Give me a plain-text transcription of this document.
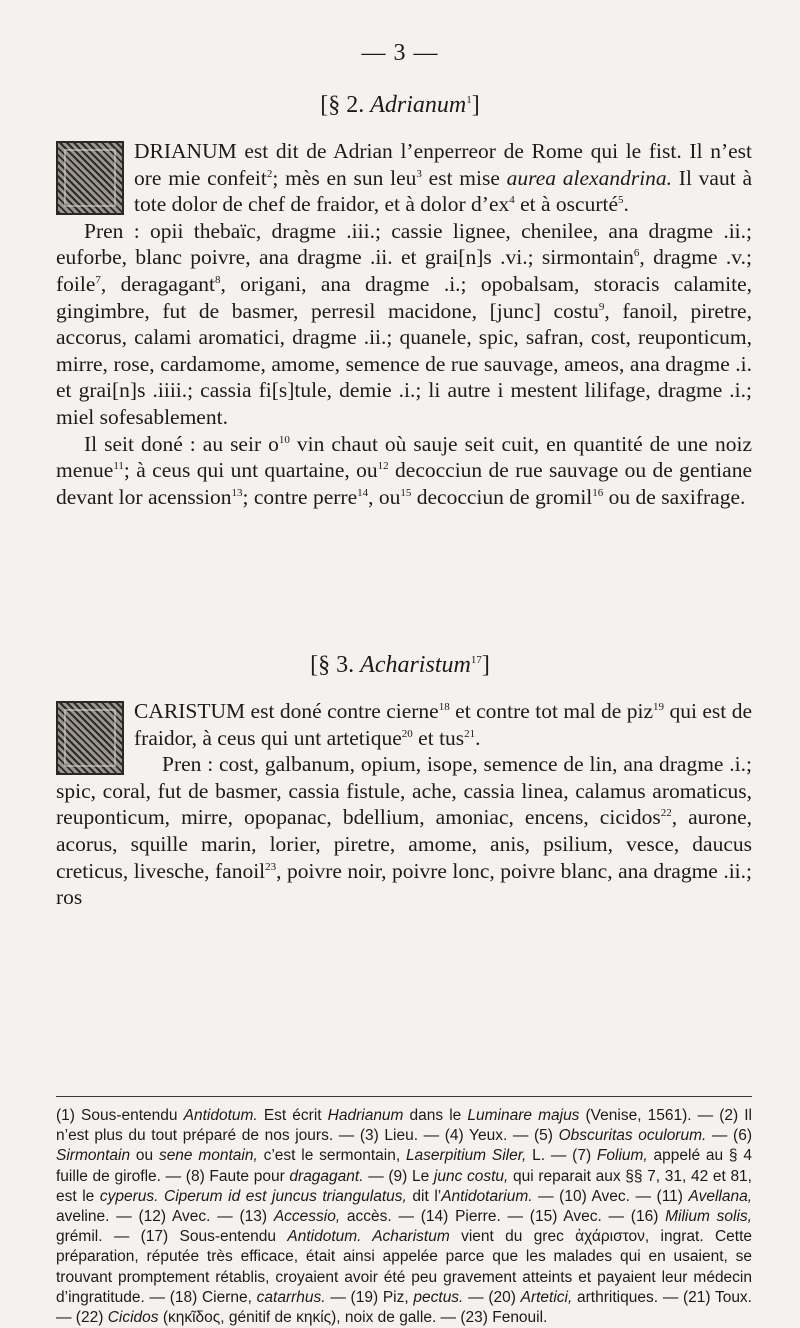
— 3 —
[§ 2. Adrianum$^1$]

DRIANUM est dit de Adrian l’enperreor de Rome qui le fist. Il n’est ore mie confeit$^2$; mès en sun leu$^3$ est mise aurea alexandrina. Il vaut à tote dolor de chef de fraidor, et à dolor $d’ex^4$ et à oscurté$^5$.

Pren : opii thebaïc, dragme .iii.; cassie lignee, chenilee, ana dragme .ii.; euforbe, blanc poivre, ana dragme .ii. et grai[n]s .vi.; sirmontain$^6$, dragme .v.; foile$^7$, deragagant$^8$, origani, ana dragme .i.; opobalsam, storacis calamite, gingimbre, fut de basmer, perresil macidone, [junc] costu$^9$, fanoil, piretre, accorus, calami aromatici, dragme .ii.; quanele, spic, safran, cost, reuponticum, mirre, rose, cardamome, amome, semence de rue sauvage, ameos, ana dragme .i. et grai[n]s .iiii.; cassia fi[s]tule, demie .i.; li autre i mestent lilifage, dragme .i.; miel sofesablement.

Il seit doné : au seir $o^{10}$ vin chaut où sauje seit cuit, en quantité de une noiz menue$^{11}$; à ceus qui unt quartaine, $ou^{12}$ decocciun de rue sauvage ou de gentiane devant lor acenssion$^{13}$; contre perre$^{14}$, $ou^{15}$ decocciun de gromil$^{16}$ ou de saxifrage.

[§ 3. Acharistum$^{17}$]

CARISTUM est doné contre cierne$^{18}$ et contre tot mal de piz$^{19}$ qui est de fraidor, à ceus qui unt artetique$^{20}$ et tus$^{21}$.

Pren : cost, galbanum, opium, isope, semence de lin, ana dragme .i.; spic, coral, fut de basmer, cassia fistule, ache, cassia linea, calamus aromaticus, reuponticum, mirre, opopanac, bdellium, amoniac, encens, cicidos$^{22}$, aurone, acorus, squille marin, lorier, piretre, amome, anis, psilium, vesce, daucus creticus, livesche, fanoil$^{23}$, poivre noir, poivre lonc, poivre blanc, ana dragme .ii.; ros

(1) Sous-entendu Antidotum. Est écrit Hadrianum dans le Luminare majus (Venise, 1561). — (2) Il n’est plus du tout préparé de nos jours. — (3) Lieu. — (4) Yeux. — (5) Obscuritas oculorum. — (6) Sirmontain ou sene montain, c’est le sermontain, Laserpitium Siler, L. — (7) Folium, appelé au § 4 fuille de girofle. — (8) Faute pour dragagant. — (9) Le junc costu, qui reparait aux §§ 7, 31, 42 et 81, est le cyperus. Ciperum id est juncus triangulatus, dit l’Antidotarium. — (10) Avec. — (11) Avellana, aveline. — (12) Avec. — (13) Accessio, accès. — (14) Pierre. — (15) Avec. — (16) Milium solis, grémil. — (17) Sous-entendu Antidotum. Acharistum vient du grec ἀχάριστον, ingrat. Cette préparation, réputée très efficace, était ainsi appelée parce que les malades qui en usaient, se trouvant promptement rétablis, croyaient avoir été peu gravement atteints et payaient leur médecin d’ingratitude. — (18) Cierne, catarrhus. — (19) Piz, pectus. — (20) Artetici, arthritiques. — (21) Toux. — (22) Cicidos (κηκῖδος, génitif de κηκίς), noix de galle. — (23) Fenouil.
